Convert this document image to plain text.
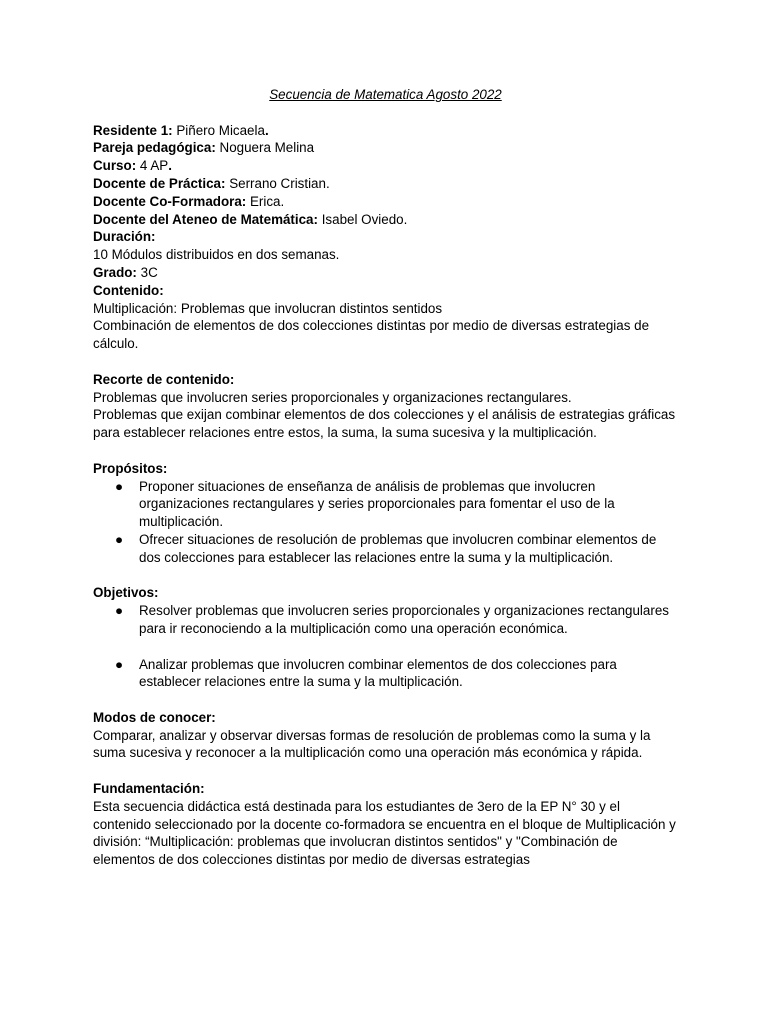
Secuencia de Matematica Agosto 2022

Residente 1: Piñero Micaela.

Pareja pedagógica: Noguera Melina

Curso: 4 AP.

Docente de Práctica: Serrano Cristian.

Docente Co-Formadora: Erica.

Docente del Ateneo de Matemática: Isabel Oviedo.

Duración:

10 Módulos distribuidos en dos semanas.

Grado: 3C

Contenido:

Multiplicación: Problemas que involucran distintos sentidos

Combinación de elementos de dos colecciones distintas por medio de diversas estrategias de cálculo.

Recorte de contenido:

Problemas que involucren series proporcionales y organizaciones rectangulares.

Problemas que exijan combinar elementos de dos colecciones y el análisis de estrategias gráficas para establecer relaciones entre estos, la suma, la suma sucesiva y la multiplicación.

Propósitos:

● Proponer situaciones de enseñanza de análisis de problemas que involucren organizaciones rectangulares y series proporcionales para fomentar el uso de la multiplicación.
● Ofrecer situaciones de resolución de problemas que involucren combinar elementos de dos colecciones para establecer las relaciones entre la suma y la multiplicación.

Objetivos:

● Resolver problemas que involucren series proporcionales y organizaciones rectangulares para ir reconociendo a la multiplicación como una operación económica.
● Analizar problemas que involucren combinar elementos de dos colecciones para establecer relaciones entre la suma y la multiplicación.

Modos de conocer:

Comparar, analizar y observar diversas formas de resolución de problemas como la suma y la suma sucesiva y reconocer a la multiplicación como una operación más económica y rápida.

Fundamentación:

Esta secuencia didáctica está destinada para los estudiantes de 3ero de la EP N° 30 y el contenido seleccionado por la docente co-formadora se encuentra en el bloque de Multiplicación y división: “Multiplicación: problemas que involucran distintos sentidos" y "Combinación de elementos de dos colecciones distintas por medio de diversas estrategias
